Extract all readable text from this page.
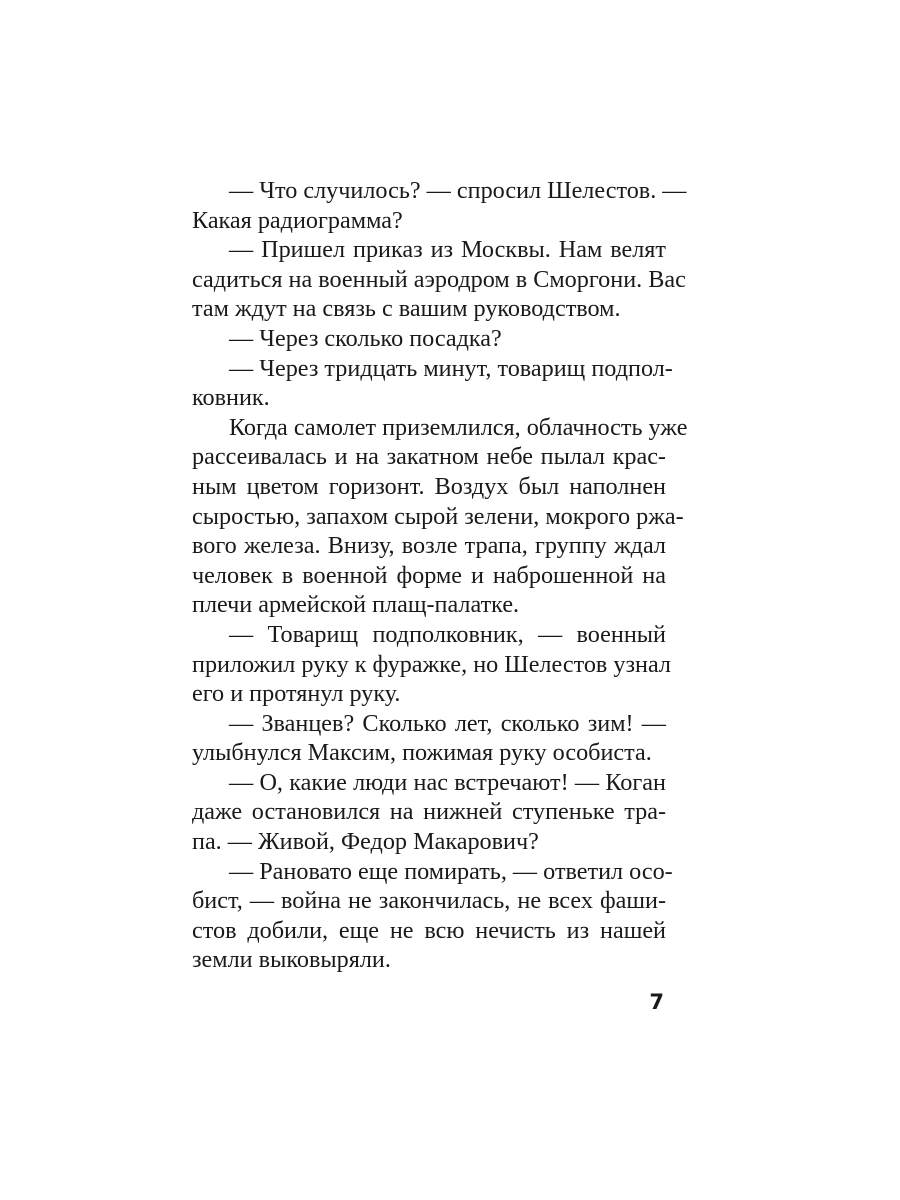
— Что случилось? — спросил Шелестов. —
Какая радиограмма?
— Пришел приказ из Москвы. Нам велят
садиться на военный аэродром в Сморгони. Вас
там ждут на связь с вашим руководством.
— Через сколько посадка?
— Через тридцать минут, товарищ подпол-
ковник.
Когда самолет приземлился, облачность уже
рассеивалась и на закатном небе пылал крас-
ным цветом горизонт. Воздух был наполнен
сыростью, запахом сырой зелени, мокрого ржа-
вого железа. Внизу, возле трапа, группу ждал
человек в военной форме и наброшенной на
плечи армейской плащ-палатке.
— Товарищ подполковник, — военный
приложил руку к фуражке, но Шелестов узнал
его и протянул руку.
— Званцев? Сколько лет, сколько зим! —
улыбнулся Максим, пожимая руку особиста.
— О, какие люди нас встречают! — Коган
даже остановился на нижней ступеньке тра-
па. — Живой, Федор Макарович?
— Рановато еще помирать, — ответил осо-
бист, — война не закончилась, не всех фаши-
стов добили, еще не всю нечисть из нашей
земли выковыряли.
7
